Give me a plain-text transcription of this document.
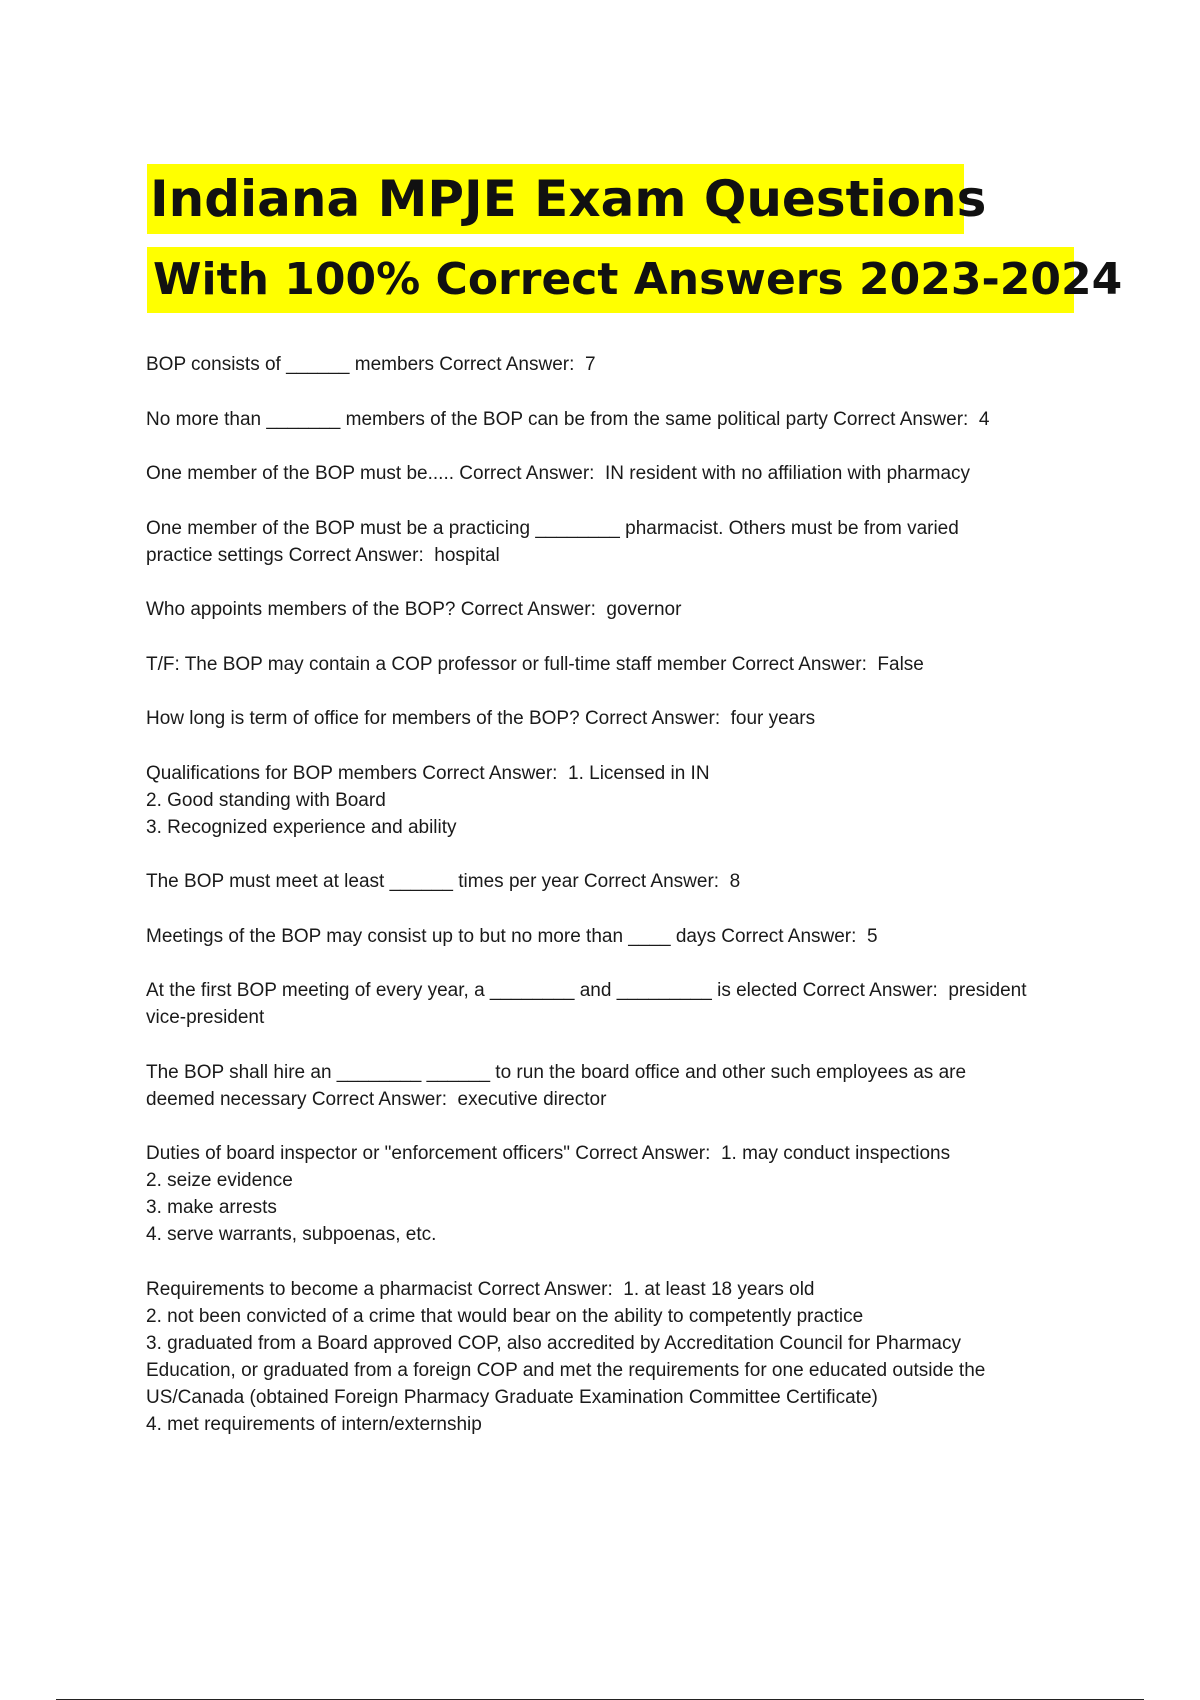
Indiana MPJE Exam Questions
With 100% Correct Answers 2023-2024
BOP consists of ______ members Correct Answer:  7
No more than _______ members of the BOP can be from the same political party Correct Answer:  4
One member of the BOP must be..... Correct Answer:  IN resident with no affiliation with pharmacy
One member of the BOP must be a practicing ________ pharmacist. Others must be from varied
practice settings Correct Answer:  hospital
Who appoints members of the BOP? Correct Answer:  governor
T/F: The BOP may contain a COP professor or full-time staff member Correct Answer:  False
How long is term of office for members of the BOP? Correct Answer:  four years
Qualifications for BOP members Correct Answer:  1. Licensed in IN
2. Good standing with Board
3. Recognized experience and ability
The BOP must meet at least ______ times per year Correct Answer:  8
Meetings of the BOP may consist up to but no more than ____ days Correct Answer:  5
At the first BOP meeting of every year, a ________ and _________ is elected Correct Answer:  president
vice-president
The BOP shall hire an ________ ______ to run the board office and other such employees as are
deemed necessary Correct Answer:  executive director
Duties of board inspector or "enforcement officers" Correct Answer:  1. may conduct inspections
2. seize evidence
3. make arrests
4. serve warrants, subpoenas, etc.
Requirements to become a pharmacist Correct Answer:  1. at least 18 years old
2. not been convicted of a crime that would bear on the ability to competently practice
3. graduated from a Board approved COP, also accredited by Accreditation Council for Pharmacy
Education, or graduated from a foreign COP and met the requirements for one educated outside the
US/Canada (obtained Foreign Pharmacy Graduate Examination Committee Certificate)
4. met requirements of intern/externship
